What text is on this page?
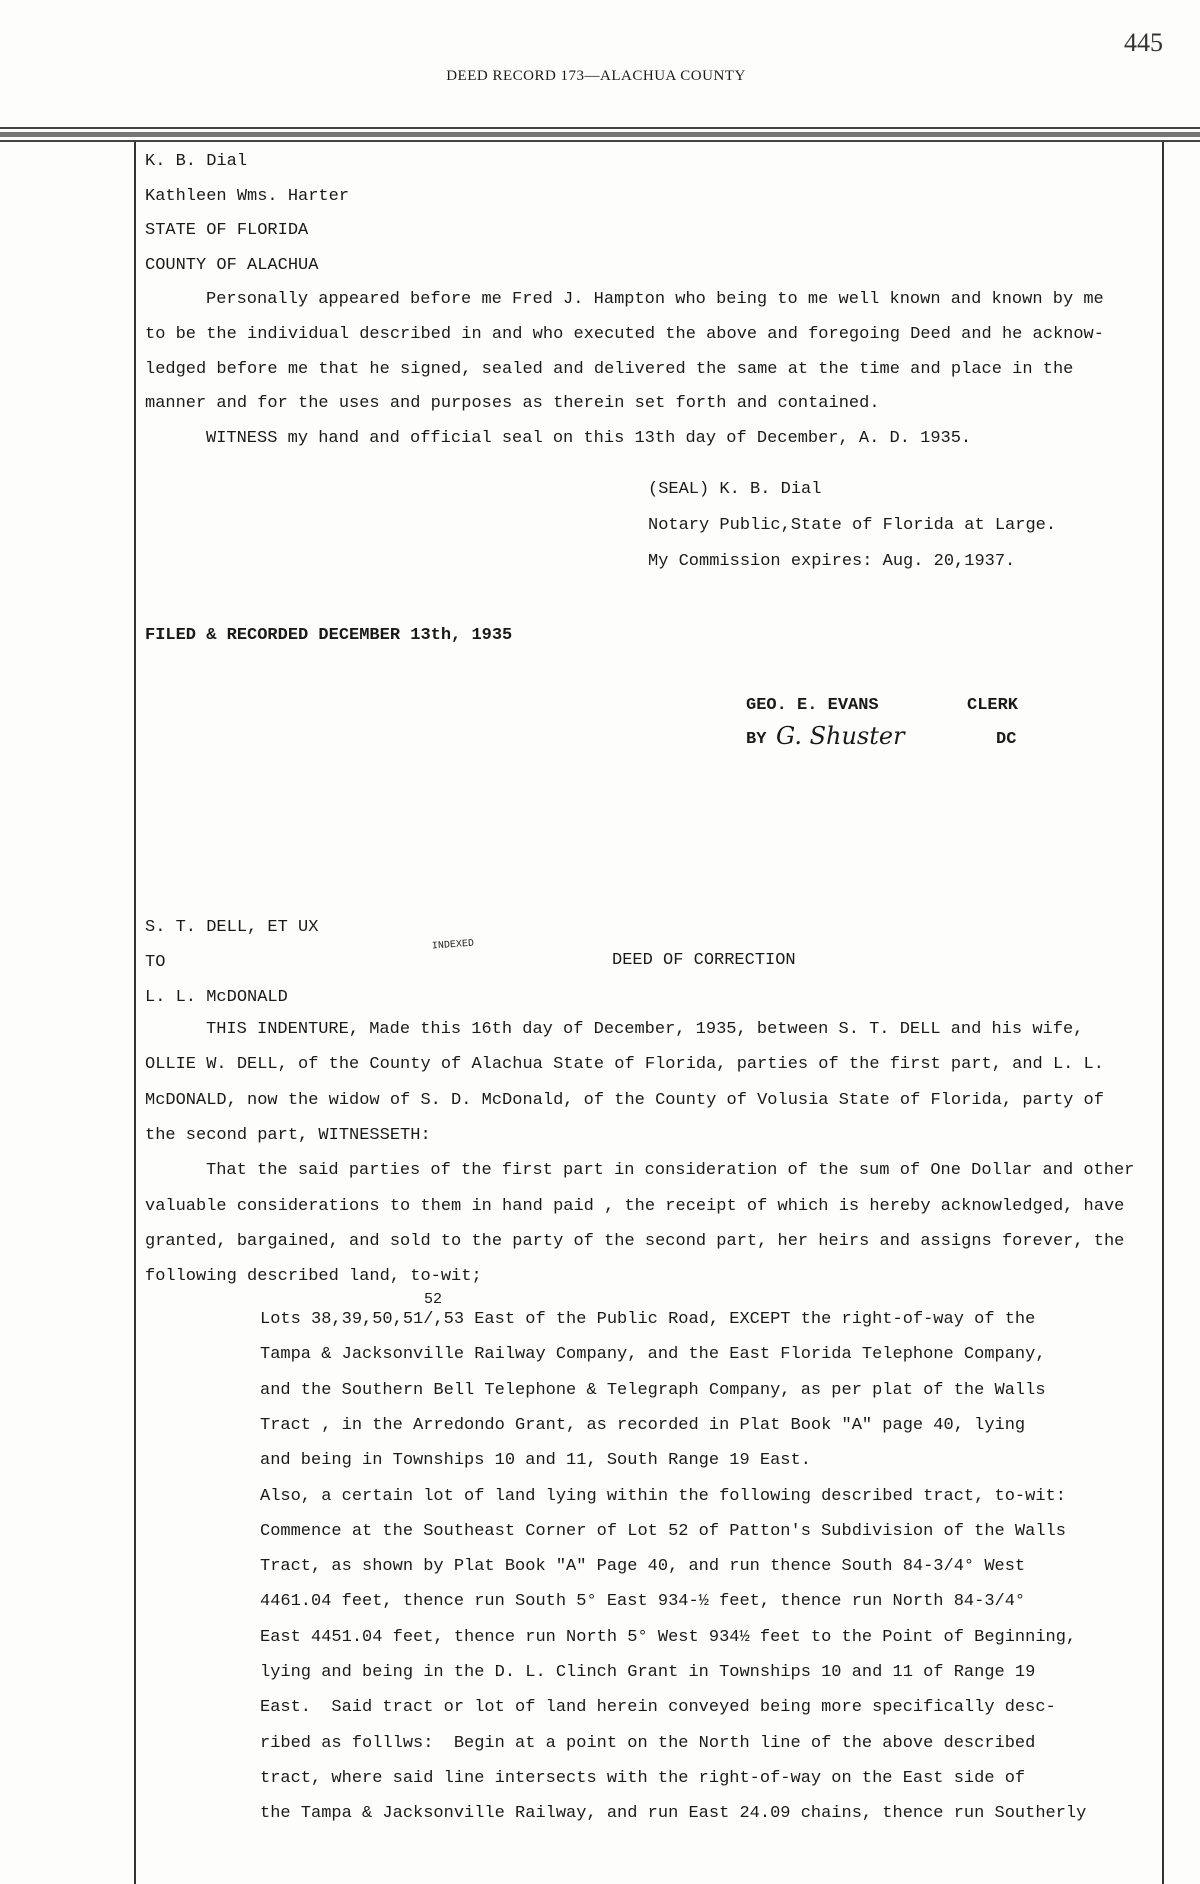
445
DEED RECORD 173—ALACHUA COUNTY
K. B. Dial
Kathleen Wms. Harter
STATE OF FLORIDA
COUNTY OF ALACHUA
Personally appeared before me Fred J. Hampton who being to me well known and known by me
to be the individual described in and who executed the above and foregoing Deed and he acknow-
ledged before me that he signed, sealed and delivered the same at the time and place in the
manner and for the uses and purposes as therein set forth and contained.
WITNESS my hand and official seal on this 13th day of December, A. D. 1935.
(SEAL) K. B. Dial
Notary Public,State of Florida at Large.
My Commission expires: Aug. 20,1937.
FILED & RECORDED DECEMBER 13th, 1935
GEO. E. EVANS	CLERK
BY G. Shuster	DC
S. T. DELL, ET UX
TO
L. L. McDONALD
INDEXED
DEED OF CORRECTION
THIS INDENTURE, Made this 16th day of December, 1935, between S. T. DELL and his wife,
OLLIE W. DELL, of the County of Alachua State of Florida, parties of the first part, and L. L.
McDONALD, now the widow of S. D. McDonald, of the County of Volusia State of Florida, party of
the second part, WITNESSETH:
That the said parties of the first part in consideration of the sum of One Dollar and other
valuable considerations to them in hand paid , the receipt of which is hereby acknowledged, have
granted, bargained, and sold to the party of the second part, her heirs and assigns forever, the
following described land, to-wit;
52
Lots 38,39,50,51/,53 East of the Public Road, EXCEPT the right-of-way of the
Tampa & Jacksonville Railway Company, and the East Florida Telephone Company,
and the Southern Bell Telephone & Telegraph Company, as per plat of the Walls
Tract , in the Arredondo Grant, as recorded in Plat Book "A" page 40, lying
and being in Townships 10 and 11, South Range 19 East.
Also, a certain lot of land lying within the following described tract, to-wit:
Commence at the Southeast Corner of Lot 52 of Patton's Subdivision of the Walls
Tract, as shown by Plat Book "A" Page 40, and run thence South 84-3/4° West
4461.04 feet, thence run South 5° East 934-½ feet, thence run North 84-3/4°
East 4451.04 feet, thence run North 5° West 934½ feet to the Point of Beginning,
lying and being in the D. L. Clinch Grant in Townships 10 and 11 of Range 19
East.  Said tract or lot of land herein conveyed being more specifically desc-
ribed as folllws:  Begin at a point on the North line of the above described
tract, where said line intersects with the right-of-way on the East side of
the Tampa & Jacksonville Railway, and run East 24.09 chains, thence run Southerly
